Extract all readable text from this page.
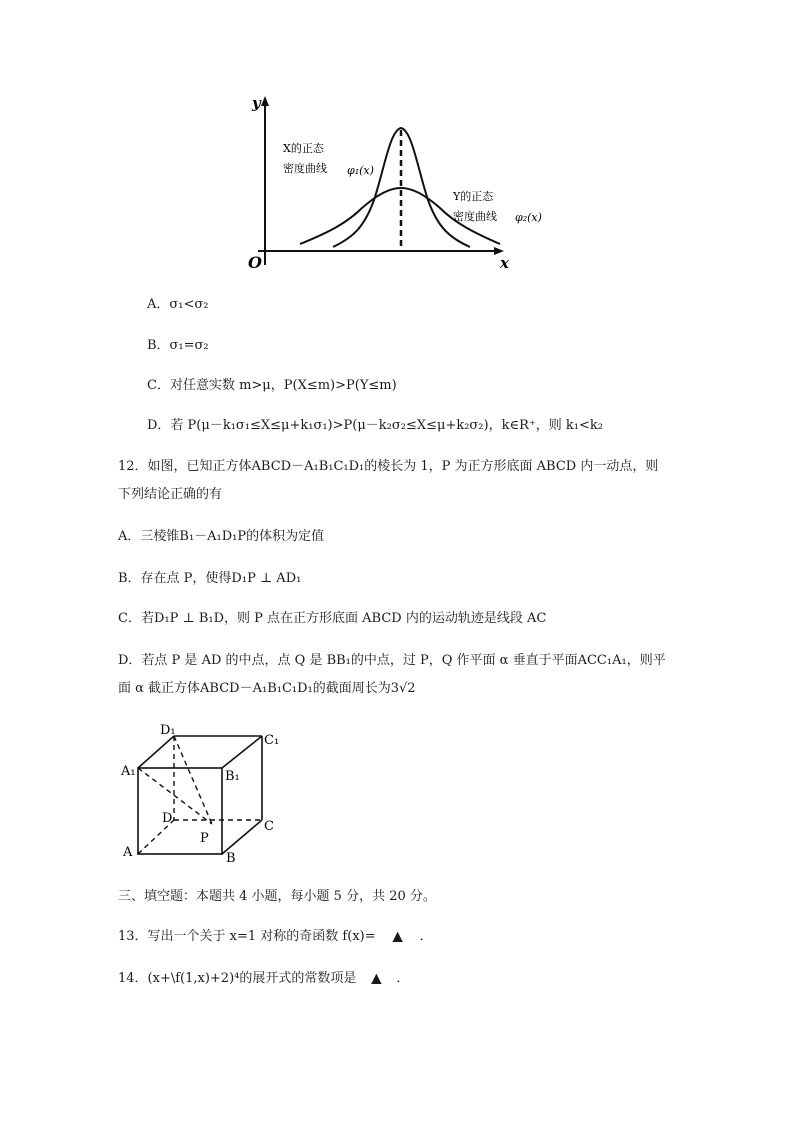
y
x
O
X的正态
密度曲线 φ₁(x)
Y的正态
密度曲线 φ₂(x)
A．σ₁<σ₂
B．σ₁=σ₂
C．对任意实数 m>μ，P(X≤m)>P(Y≤m)
D．若 P(μ－k₁σ₁≤X≤μ+k₁σ₁)>P(μ－k₂σ₂≤X≤μ+k₂σ₂)，k∈R⁺，则 k₁<k₂
12．如图，已知正方体ABCD－A₁B₁C₁D₁的棱长为 1，P 为正方形底面 ABCD 内一动点，则
下列结论正确的有
A．三棱锥B₁－A₁D₁P的体积为定值
B．存在点 P，使得D₁P ⊥ AD₁
C．若D₁P ⊥ B₁D，则 P 点在正方形底面 ABCD 内的运动轨迹是线段 AC
D．若点 P 是 AD 的中点，点 Q 是 BB₁的中点，过 P，Q 作平面 α 垂直于平面ACC₁A₁，则平
面 α 截正方体ABCD－A₁B₁C₁D₁的截面周长为3√2
D₁
C₁
A₁	B₁
D
C
P
A	B
三、填空题：本题共 4 小题，每小题 5 分，共 20 分。
13．写出一个关于 x=1 对称的奇函数 f(x)= ▲ ．
14．(x+\f(1,x)+2)⁴的展开式的常数项是 ▲ ．
